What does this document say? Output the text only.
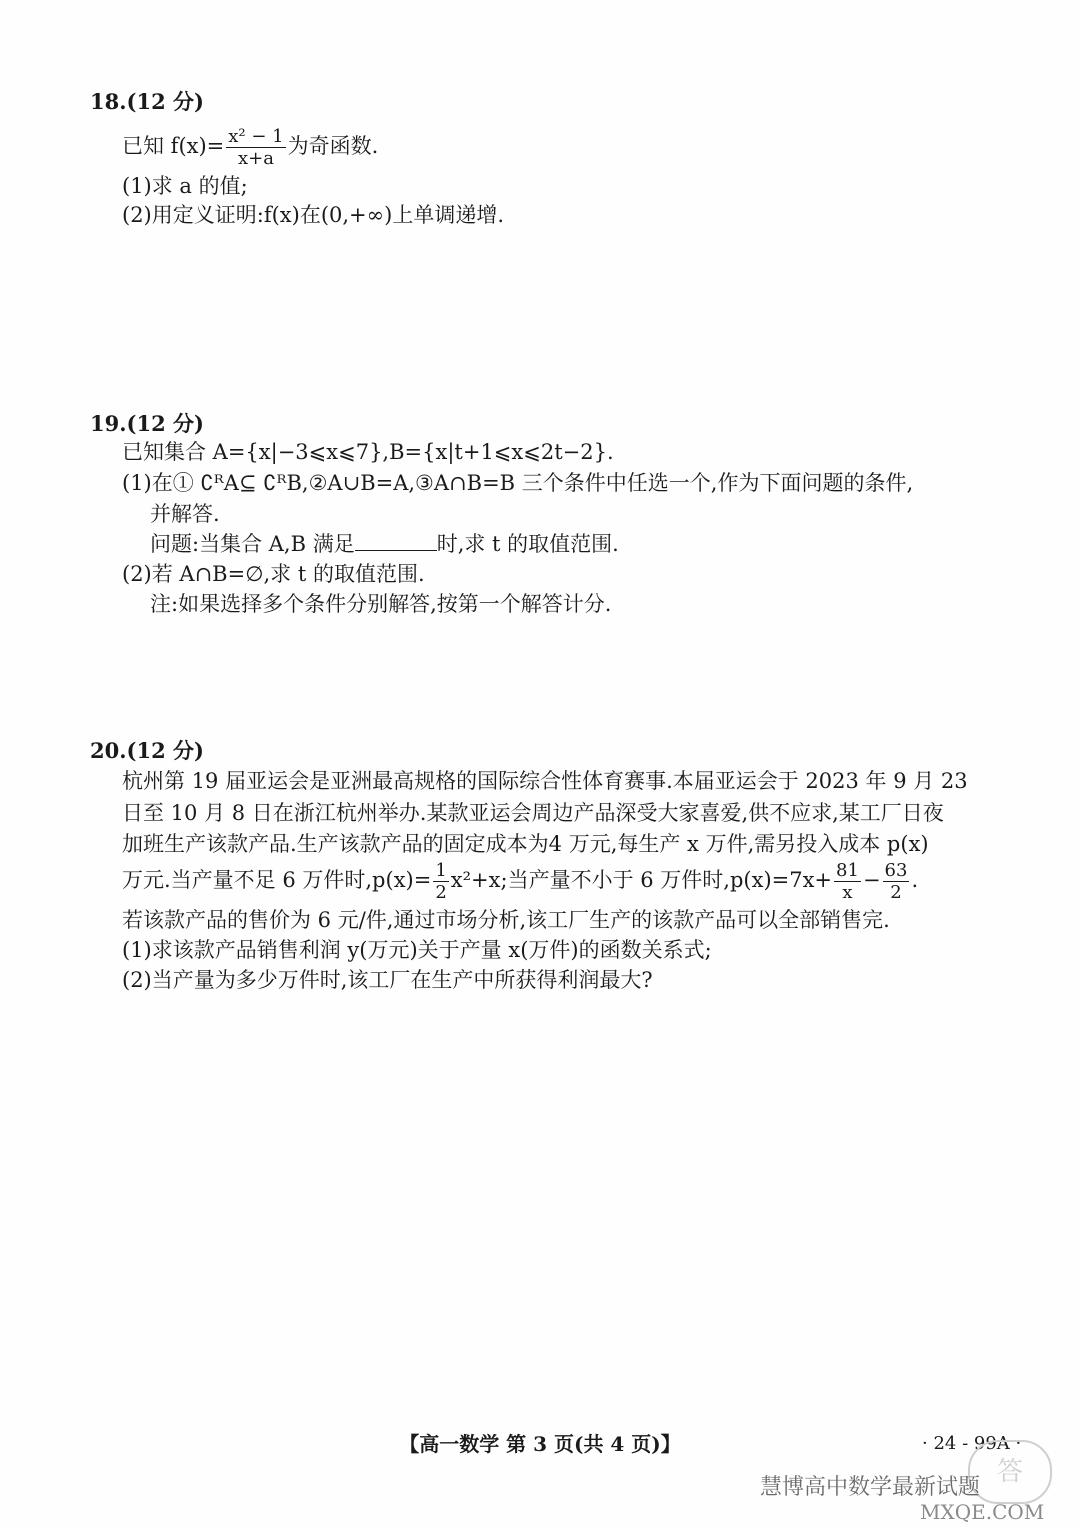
18.(12 分)
已知 $f(x)= \frac{\text{x² − 1}}{x+a}$ 为奇函数.
(1)求 a 的值;
(2)用定义证明:f(x)在(0,+∞)上单调递增.
19.(12 分)
已知集合 A={x|−3⩽x⩽7},B={x|t+1⩽x⩽2t−2}.
(1)在① ∁ᴿA⊆ ∁ᴿB,②A∪B=A,③A∩B=B 三个条件中任选一个,作为下面问题的条件,
并解答.
问题:当集合 A,B 满足	时,求 t 的取值范围.
(2)若 A∩B=∅,求 t 的取值范围.
注:如果选择多个条件分别解答,按第一个解答计分.
20.(12 分)
杭州第 19 届亚运会是亚洲最高规格的国际综合性体育赛事.本届亚运会于 2023 年 9 月 23
日至 10 月 8 日在浙江杭州举办.某款亚运会周边产品深受大家喜爱,供不应求,某工厂日夜
加班生产该款产品.生产该款产品的固定成本为4 万元,每生产 x 万件,需另投入成本 p(x)
万元.当产量不足 6 万件时$,p(x)= \frac{1}{2} x^2+x$;当产量不小于 6 万件时$,p(x)=7x+ \frac{81}{x} - \frac{63}{2}$ .
若该款产品的售价为 6 元/件,通过市场分析,该工厂生产的该款产品可以全部销售完.
(1)求该款产品销售利润 y(万元)关于产量 x(万件)的函数关系式;
(2)当产量为多少万件时,该工厂在生产中所获得利润最大?
【高一数学 第 3 页(共 4 页)】	· 24 - 99A ·
答
慧博高中数学最新试题
MXQE.COM
